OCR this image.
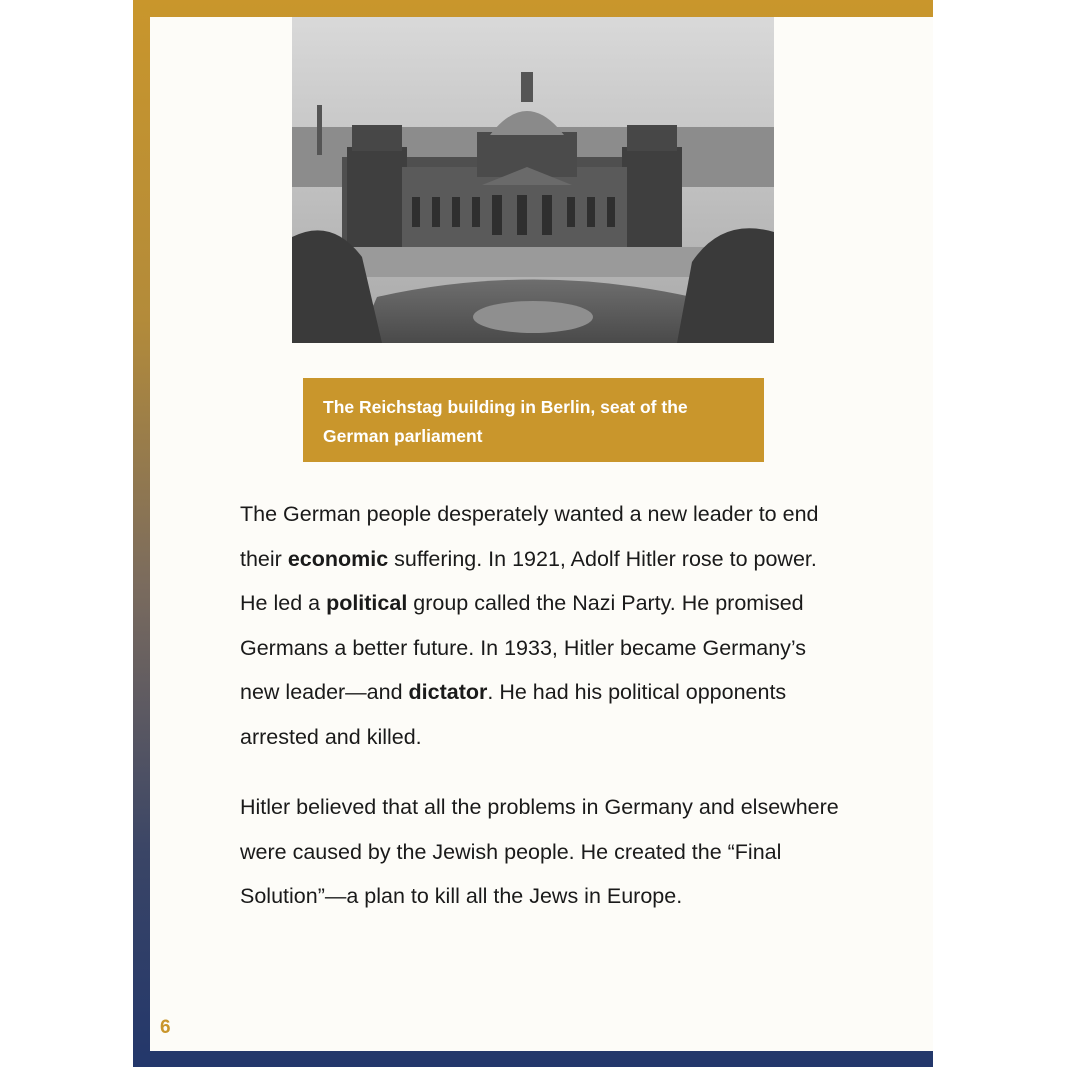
The Reichstag building in Berlin, seat of the German parliament

The German people desperately wanted a new leader to end their economic suffering. In 1921, Adolf Hitler rose to power. He led a political group called the Nazi Party. He promised Germans a better future. In 1933, Hitler became Germany’s new leader—and dictator. He had his political opponents arrested and killed.

Hitler believed that all the problems in Germany and elsewhere were caused by the Jewish people. He created the “Final Solution”—a plan to kill all the Jews in Europe.

6
